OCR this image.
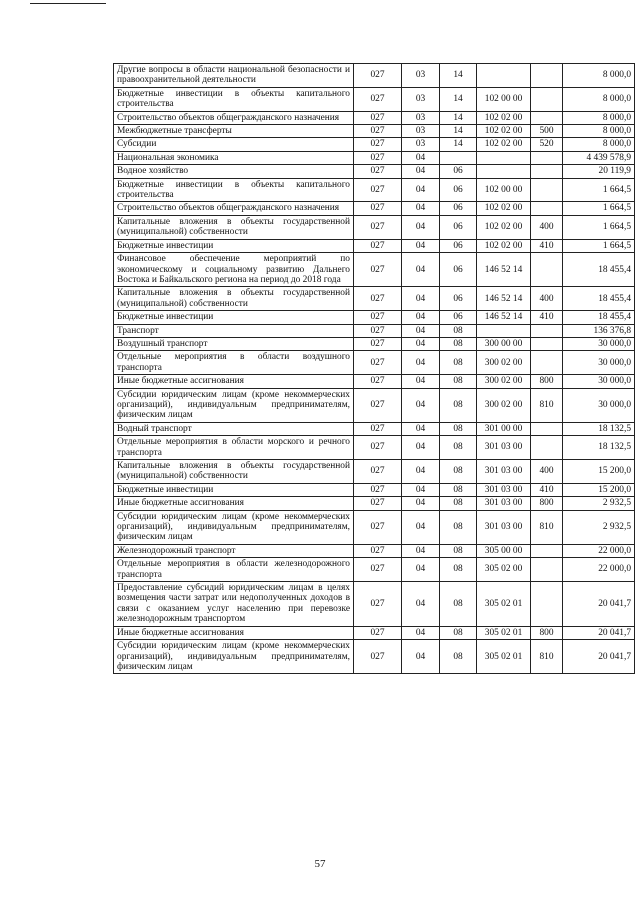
Другие вопросы в области национальной безопасности и правоохранительной деятельности	027	03	14			8 000,0
Бюджетные инвестиции в объекты капитального строительства	027	03	14	102 00 00		8 000,0
Строительство объектов общегражданского назначения	027	03	14	102 02 00		8 000,0
Межбюджетные трансферты	027	03	14	102 02 00	500	8 000,0
Субсидии	027	03	14	102 02 00	520	8 000,0
Национальная экономика	027	04				4 439 578,9
Водное хозяйство	027	04	06			20 119,9
Бюджетные инвестиции в объекты капитального строительства	027	04	06	102 00 00		1 664,5
Строительство объектов общегражданского назначения	027	04	06	102 02 00		1 664,5
Капитальные вложения в объекты государственной (муниципальной) собственности	027	04	06	102 02 00	400	1 664,5
Бюджетные инвестиции	027	04	06	102 02 00	410	1 664,5
Финансовое обеспечение мероприятий по экономическому и социальному развитию Дальнего Востока и Байкальского региона на период до 2018 года	027	04	06	146 52 14		18 455,4
Капитальные вложения в объекты государственной (муниципальной) собственности	027	04	06	146 52 14	400	18 455,4
Бюджетные инвестиции	027	04	06	146 52 14	410	18 455,4
Транспорт	027	04	08			136 376,8
Воздушный транспорт	027	04	08	300 00 00		30 000,0
Отдельные мероприятия в области воздушного транспорта	027	04	08	300 02 00		30 000,0
Иные бюджетные ассигнования	027	04	08	300 02 00	800	30 000,0
Субсидии юридическим лицам (кроме некоммерческих организаций), индивидуальным предпринимателям, физическим лицам	027	04	08	300 02 00	810	30 000,0
Водный транспорт	027	04	08	301 00 00		18 132,5
Отдельные мероприятия в области морского и речного транспорта	027	04	08	301 03 00		18 132,5
Капитальные вложения в объекты государственной (муниципальной) собственности	027	04	08	301 03 00	400	15 200,0
Бюджетные инвестиции	027	04	08	301 03 00	410	15 200,0
Иные бюджетные ассигнования	027	04	08	301 03 00	800	2 932,5
Субсидии юридическим лицам (кроме некоммерческих организаций), индивидуальным предпринимателям, физическим лицам	027	04	08	301 03 00	810	2 932,5
Железнодорожный транспорт	027	04	08	305 00 00		22 000,0
Отдельные мероприятия в области железнодорожного транспорта	027	04	08	305 02 00		22 000,0
Предоставление субсидий юридическим лицам в целях возмещения части затрат или недополученных доходов в связи с оказанием услуг населению при перевозке железнодорожным транспортом	027	04	08	305 02 01		20 041,7
Иные бюджетные ассигнования	027	04	08	305 02 01	800	20 041,7
Субсидии юридическим лицам (кроме некоммерческих организаций), индивидуальным предпринимателям, физическим лицам	027	04	08	305 02 01	810	20 041,7
57
